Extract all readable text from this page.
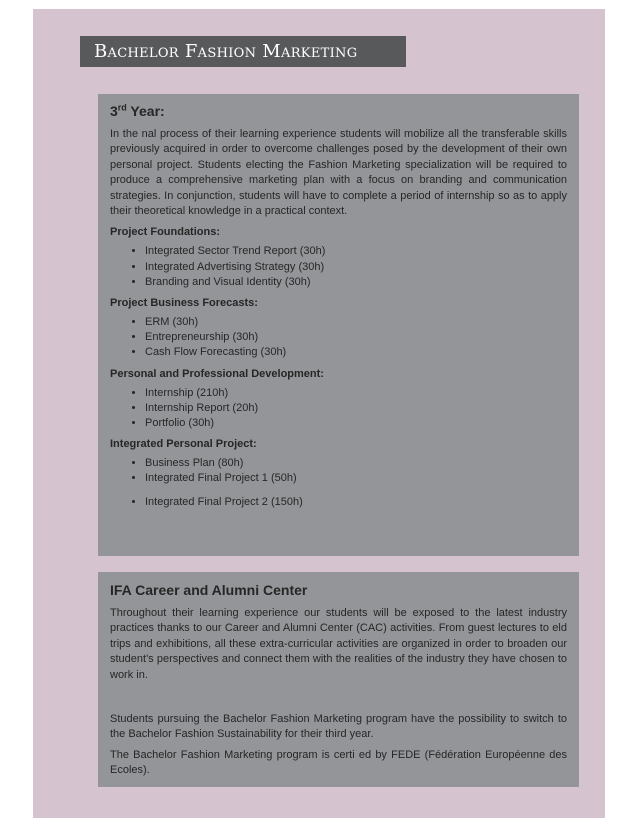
Bachelor Fashion Marketing
3rd Year:

In the nal process of their learning experience students will mobilize all the transferable skills previously acquired in order to overcome challenges posed by the development of their own personal project. Students electing the Fashion Marketing specialization will be required to produce a comprehensive marketing plan with a focus on branding and communication strategies. In conjunction, students will have to complete a period of internship so as to apply their theoretical knowledge in a practical context.

Project Foundations:
• Integrated Sector Trend Report (30h)
• Integrated Advertising Strategy (30h)
• Branding and Visual Identity (30h)
Project Business Forecasts:
• ERM (30h)
• Entrepreneurship (30h)
• Cash Flow Forecasting (30h)
Personal and Professional Development:
• Internship (210h)
• Internship Report (20h)
• Portfolio (30h)
Integrated Personal Project:
• Business Plan (80h)
• Integrated Final Project 1 (50h)
• Integrated Final Project 2 (150h)
IFA Career and Alumni Center

Throughout their learning experience our students will be exposed to the latest industry practices thanks to our Career and Alumni Center (CAC) activities. From guest lectures to eld trips and exhibitions, all these extra-curricular activities are organized in order to broaden our student's perspectives and connect them with the realities of the industry they have chosen to work in.

Students pursuing the Bachelor Fashion Marketing program have the possibility to switch to the Bachelor Fashion Sustainability for their third year.

The Bachelor Fashion Marketing program is certi ed by FEDE (Fédération Européenne des Ecoles).
